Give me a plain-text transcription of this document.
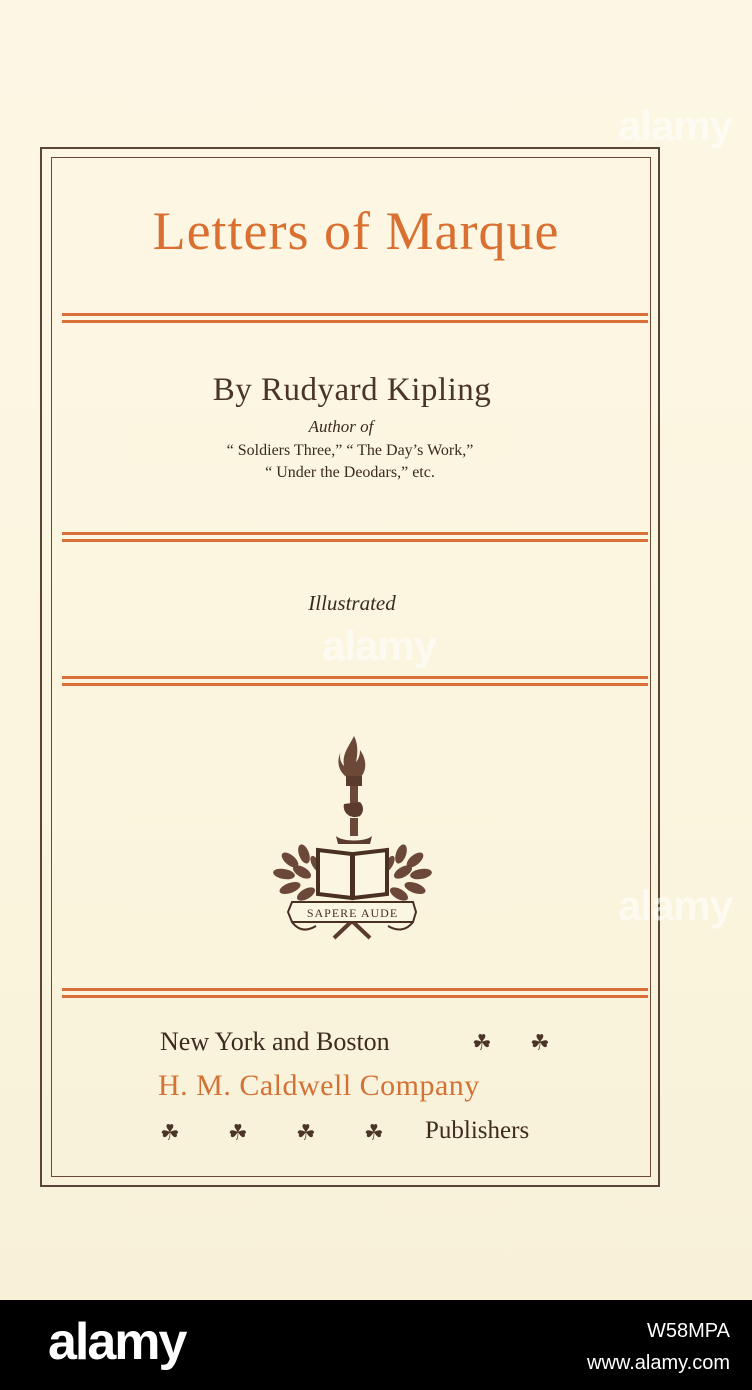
Letters of Marque
By Rudyard Kipling
Author of
“ Soldiers Three,” “ The Day’s Work,”
“ Under the Deodars,” etc.
Illustrated
SAPERE AUDE
New York and Boston	☘ ☘
H. M. Caldwell Company
☘ ☘ ☘ ☘ Publishers
alamy
alamy
alamy
alamy	W58MPA
www.alamy.com
